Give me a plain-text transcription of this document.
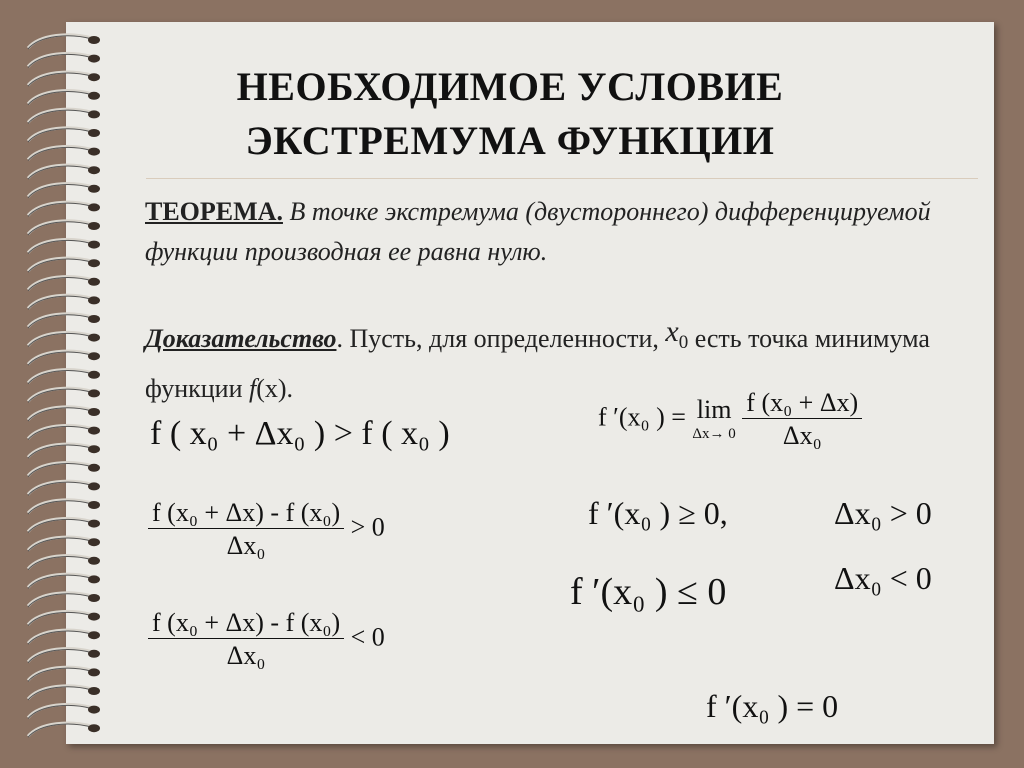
НЕОБХОДИМОЕ УСЛОВИЕ
ЭКСТРЕМУМА ФУНКЦИИ
ТЕОРЕМА. В точке экстремума (двустороннего) дифференцируемой функции производная ее равна нулю.
Доказательство. Пусть, для определенности, $x_0$ есть точка минимума функции f(x).
f ( x₀ + Δx₀ ) > f ( x₀ )
$\frac{\text{f (x₀ + Δx) - f (x₀)}}{\text{Δx₀}} > 0$
$\frac{\text{f (x₀ + Δx) - f (x₀)}}{\text{Δx₀}} < 0$
f ′(x₀ ) = lim
Δx→ 0
$\frac{\text{f (x₀ + Δx)}}{\text{Δx₀}}$
f ′(x₀ ) ≥ 0,	Δx₀ > 0
f ′(x₀ ) ≤ 0	Δx₀ < 0
f ′(x₀ ) = 0
